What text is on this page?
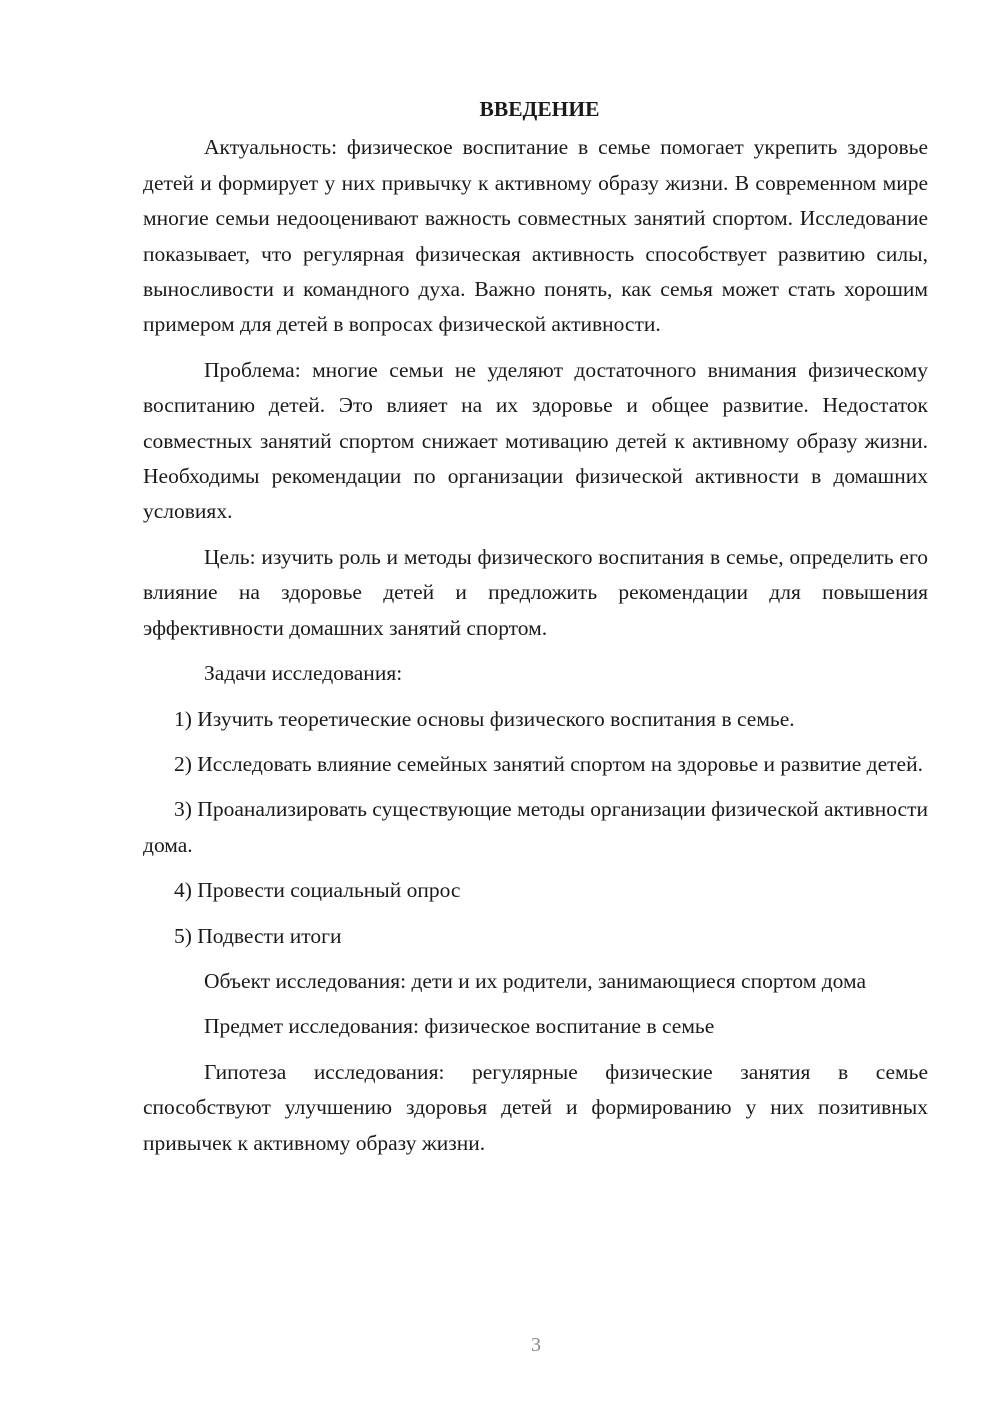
ВВЕДЕНИЕ

Актуальность: физическое воспитание в семье помогает укрепить здоровье детей и формирует у них привычку к активному образу жизни. В современном мире многие семьи недооценивают важность совместных занятий спортом. Исследование показывает, что регулярная физическая активность способствует развитию силы, выносливости и командного духа. Важно понять, как семья может стать хорошим примером для детей в вопросах физической активности.

Проблема: многие семьи не уделяют достаточного внимания физическому воспитанию детей. Это влияет на их здоровье и общее развитие. Недостаток совместных занятий спортом снижает мотивацию детей к активному образу жизни. Необходимы рекомендации по организации физической активности в домашних условиях.

Цель: изучить роль и методы физического воспитания в семье, определить его влияние на здоровье детей и предложить рекомендации для повышения эффективности домашних занятий спортом.

Задачи исследования:

1) Изучить теоретические основы физического воспитания в семье.

2) Исследовать влияние семейных занятий спортом на здоровье и развитие детей.

3) Проанализировать существующие методы организации физической активности дома.

4) Провести социальный опрос

5) Подвести итоги

Объект исследования: дети и их родители, занимающиеся спортом дома

Предмет исследования: физическое воспитание в семье

Гипотеза исследования: регулярные физические занятия в семье способствуют улучшению здоровья детей и формированию у них позитивных привычек к активному образу жизни.

3
